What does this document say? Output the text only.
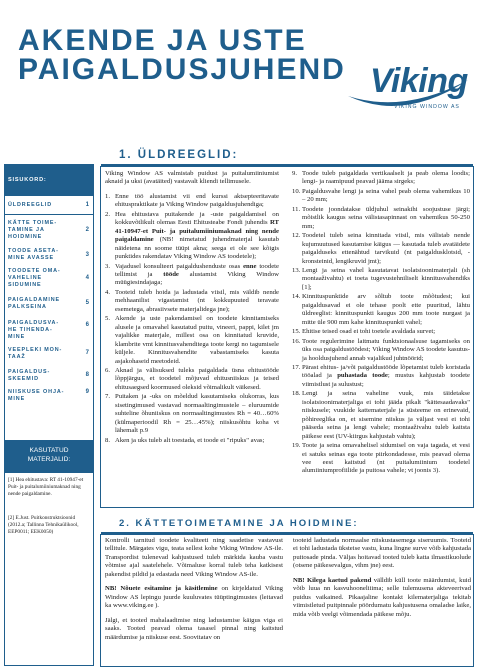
AKENDE JA USTE
PAIGALDUSJUHEND Viking
VIKING WINDOW AS
1. ÜLDREEGLID:
2. KÄTTETOIMETAMINE JA HOIDMINE:
SISUKORD:
ÜLDREEGLID	1
KÄTTE TOIME-
TAMINE JA
HOIDMINE
2
TOODE ASETA-
MINE AVASSE	3
TOODETE OMA-
VAHELINE
SIDUMINE
4
PAIGALDAMINE
PALKSEINA
5
PAIGALDUSVA-
HE TIHENDA-
MINE
6
VEEPLEKI MON-
TAAŽ
7
PAIGALDUS-
SKEEMID
8
NIISKUSE OHJA-
MINE
9
KASUTATUD
MATERJALID:
[1] Hea ehitustava: RT 41-10947-et Puit- ja puitalumiiniumaknad ning nende paigaldamine.
[2] E.Just. Puitkonstruktsioonid (2012.a; Tallinna Tehnikaülikool, EEP0011; EEK0050)

Viking Window AS valmistab puidust ja puitalumiiniumist aknaid ja uksi (avatäited) vastavalt kliendi tellimusele.

1. Enne töö alustamist vii end kurssi aktsepteeritavate ehituspraktikate ja Viking Window paigaldusjuhendiga;
2. Hea ehitustava puitakende ja -uste paigaldamisel on kokkuvõtlikult olemas Eesti Ehitusteabe Fondi juhendis RT 41-10947-et Puit- ja puitalumiiniumaknad ning nende paigaldamine (NB! nimetatud juhendmaterjal kasutab näidetena nn soome tüüpi akna; seega ei ole see kõigis punktides rakendatav Viking Window AS toodetele);
3. Vajadusel konsulteeri paigaldushenduste osas enne toodete tellimist ja tööde alustamist Viking Window müügiesindajaga;
4. Tooteid tuleb hoida ja ladustada viisil, mis väldib nende mehhaanilist vigastamist (nt kokkupuuted teravate esemetega, abrasiivsete materjalidega jne);
5. Akende ja uste pakendamisel on toodete kinnitamiseks alusele ja omavahel kasutatud puitu, vineeri, pappi, kilet jm vajalikke materjale, millest osa on kinnitatud kruvide, klambrite vmt kinnitusvahenditega toote kergi no tagumisele küljele. Kinnitusvahendite vabastamiseks kasuta asjakohaseid meetodeid.
6. Aknad ja välisuksed tuleks paigaldada üsna ehitustööde lõppjärgus, et toodetel mõjuvad ehitusniiskus ja teised ehitusaegsed koormused oleksid võimalikult väikesed.
7. Puitaken ja -uks on mõeldud kasutamiseks olukorras, kus sisetingimused vastavad normaaltingimustele – eluruumide suhteline õhuniiskus on normaaltingimustes Rh = 40…60% (külmaperioodil Rh = 25…45%); niiskusõhtu koha vt lähemalt p.9
8. Aken ja uks tuleb alt toestada, et toode ei "ripuks" avas;
9. Toode tuleb paigaldada vertikaalselt ja peab olema loodis; lengi- ja raamipuud peavad jääma sirgeks;
10. Paigaldusvahe lengi ja seina vahel peab olema vahemikus 10 – 20 mm;
11. Toodete joondatakse üldjuhul seinakihi soojustuse järgi; mõistlik kaugus seina välistasapinnast on vahemikus 50-250 mm;
12. Toodetel tuleb seina kinnitada viisil, mis välistab nende kujumuutused kasutamise käigus — kasutada tuleb avatäidete paigalduseks ettenähtud tarvikuid (nt paigaldusklotsid, -kronsteinid, lengikruvid jmt);
13. Lengi ja seina vahel kasutatavat isolatsioonimaterjali (sh montaaživahtu) ei toeta tugevustehniliselt kinnitusvahendiks [1];
14. Kinnituspunktide arv sõltub toote mõõtudest; kui paigaldusavad ei ole tehase poolt ette puuritud, lähtu üldreeglist: kinnituspunkti kaugus 200 mm toote nurgast ja mitte üle 900 mm kahe kinnituspunkti vahel;
15. Ehitise teised osad ei tohi toetele avaldada survet;
16. Toote regulerimine laitmatu funktsionaalsuse tagamiseks on üks osa paigaldustöödest; Viking Window AS toodete kasutus- ja hooldusjuhend annab vajalikud juhtnöörid;
17. Pärast ehitus- ja/või paigaldustööde lõpetamist tuleb koristada tööalad ja puhastada toode; mustus kahjustab toodete viimistlust ja sulustust;
18. Lengi ja seina vaheline vuuk, mis täidetakse isolatsioonimaterjaliga ei tohi jääda pikalt "kättesaadavaks" niiskusele; vuukide kattematerjale ja süsteeme on erinevaid, põhireeglika on, et sisemine niiskus ja väljast vesi ei tohi pääseda seina ja lengi vahele; montaaživahu tuleb kaitsta päikese eest (UV-kiirgus kahjustab vahtu);
19. Toote ja seina omavahelisel sidumisel on vaja tagada, et vesi ei satuks seinas ega toote piirkondadesse, mis peavad olema vee eest kaitstud (nt puitalumiinium toodetel alumiiniumprofiilide ja puitosa vahele; vt joonis 3).

Kontrolli tarnitud toodete kvaliteeti ning saadetise vastavust tellitule. Märgates vigu, teata sellest kohe Viking Window AS-ile. Transpordist tulenevad kahjustused tuleb märkida kauba vastu võtmise ajal saatelehele. Võimaluse korral tuleb teha katkisest pakendist pildid ja edastada need Viking Window AS-ile.

NB! Nõuete esitamine ja käsitlemine on kirjeldatud Viking Window AS lepingu juurde kuuluvates tüüptingimustes (leitavad ka www.viking.ee ).

Jälgi, et tooted mahalaadimise ning ladustamise käigus viga ei saaks. Tooted peavad olema tasasel pinnal ning kaitstud määrdumise ja niiskuse eest. Soovitatav on

tooteid ladustada normaalse niiskustasemega siseruumis. Tooteid ei tohi ladustada üksteise vastu, kuna lingne surve võib kahjustada puitosade pinda. Väljas hoitavad tooted tuleb katta ilmastikuolude (otsene päikesevalgus, vihm jne) eest.

NB! Kilega kaetud pakend välldib küll toote määrdumist, kuid võib luua nn kasvuhooneliiima; selle tulemusena akteveerivad puidus vaikained. Pikaajaline kontakt kilematerjaliga tekitab viimistletud puitpinnale pöördumatu kahjustusena omaladse laike, mida võib veelgi võimendada päikese mõju.
